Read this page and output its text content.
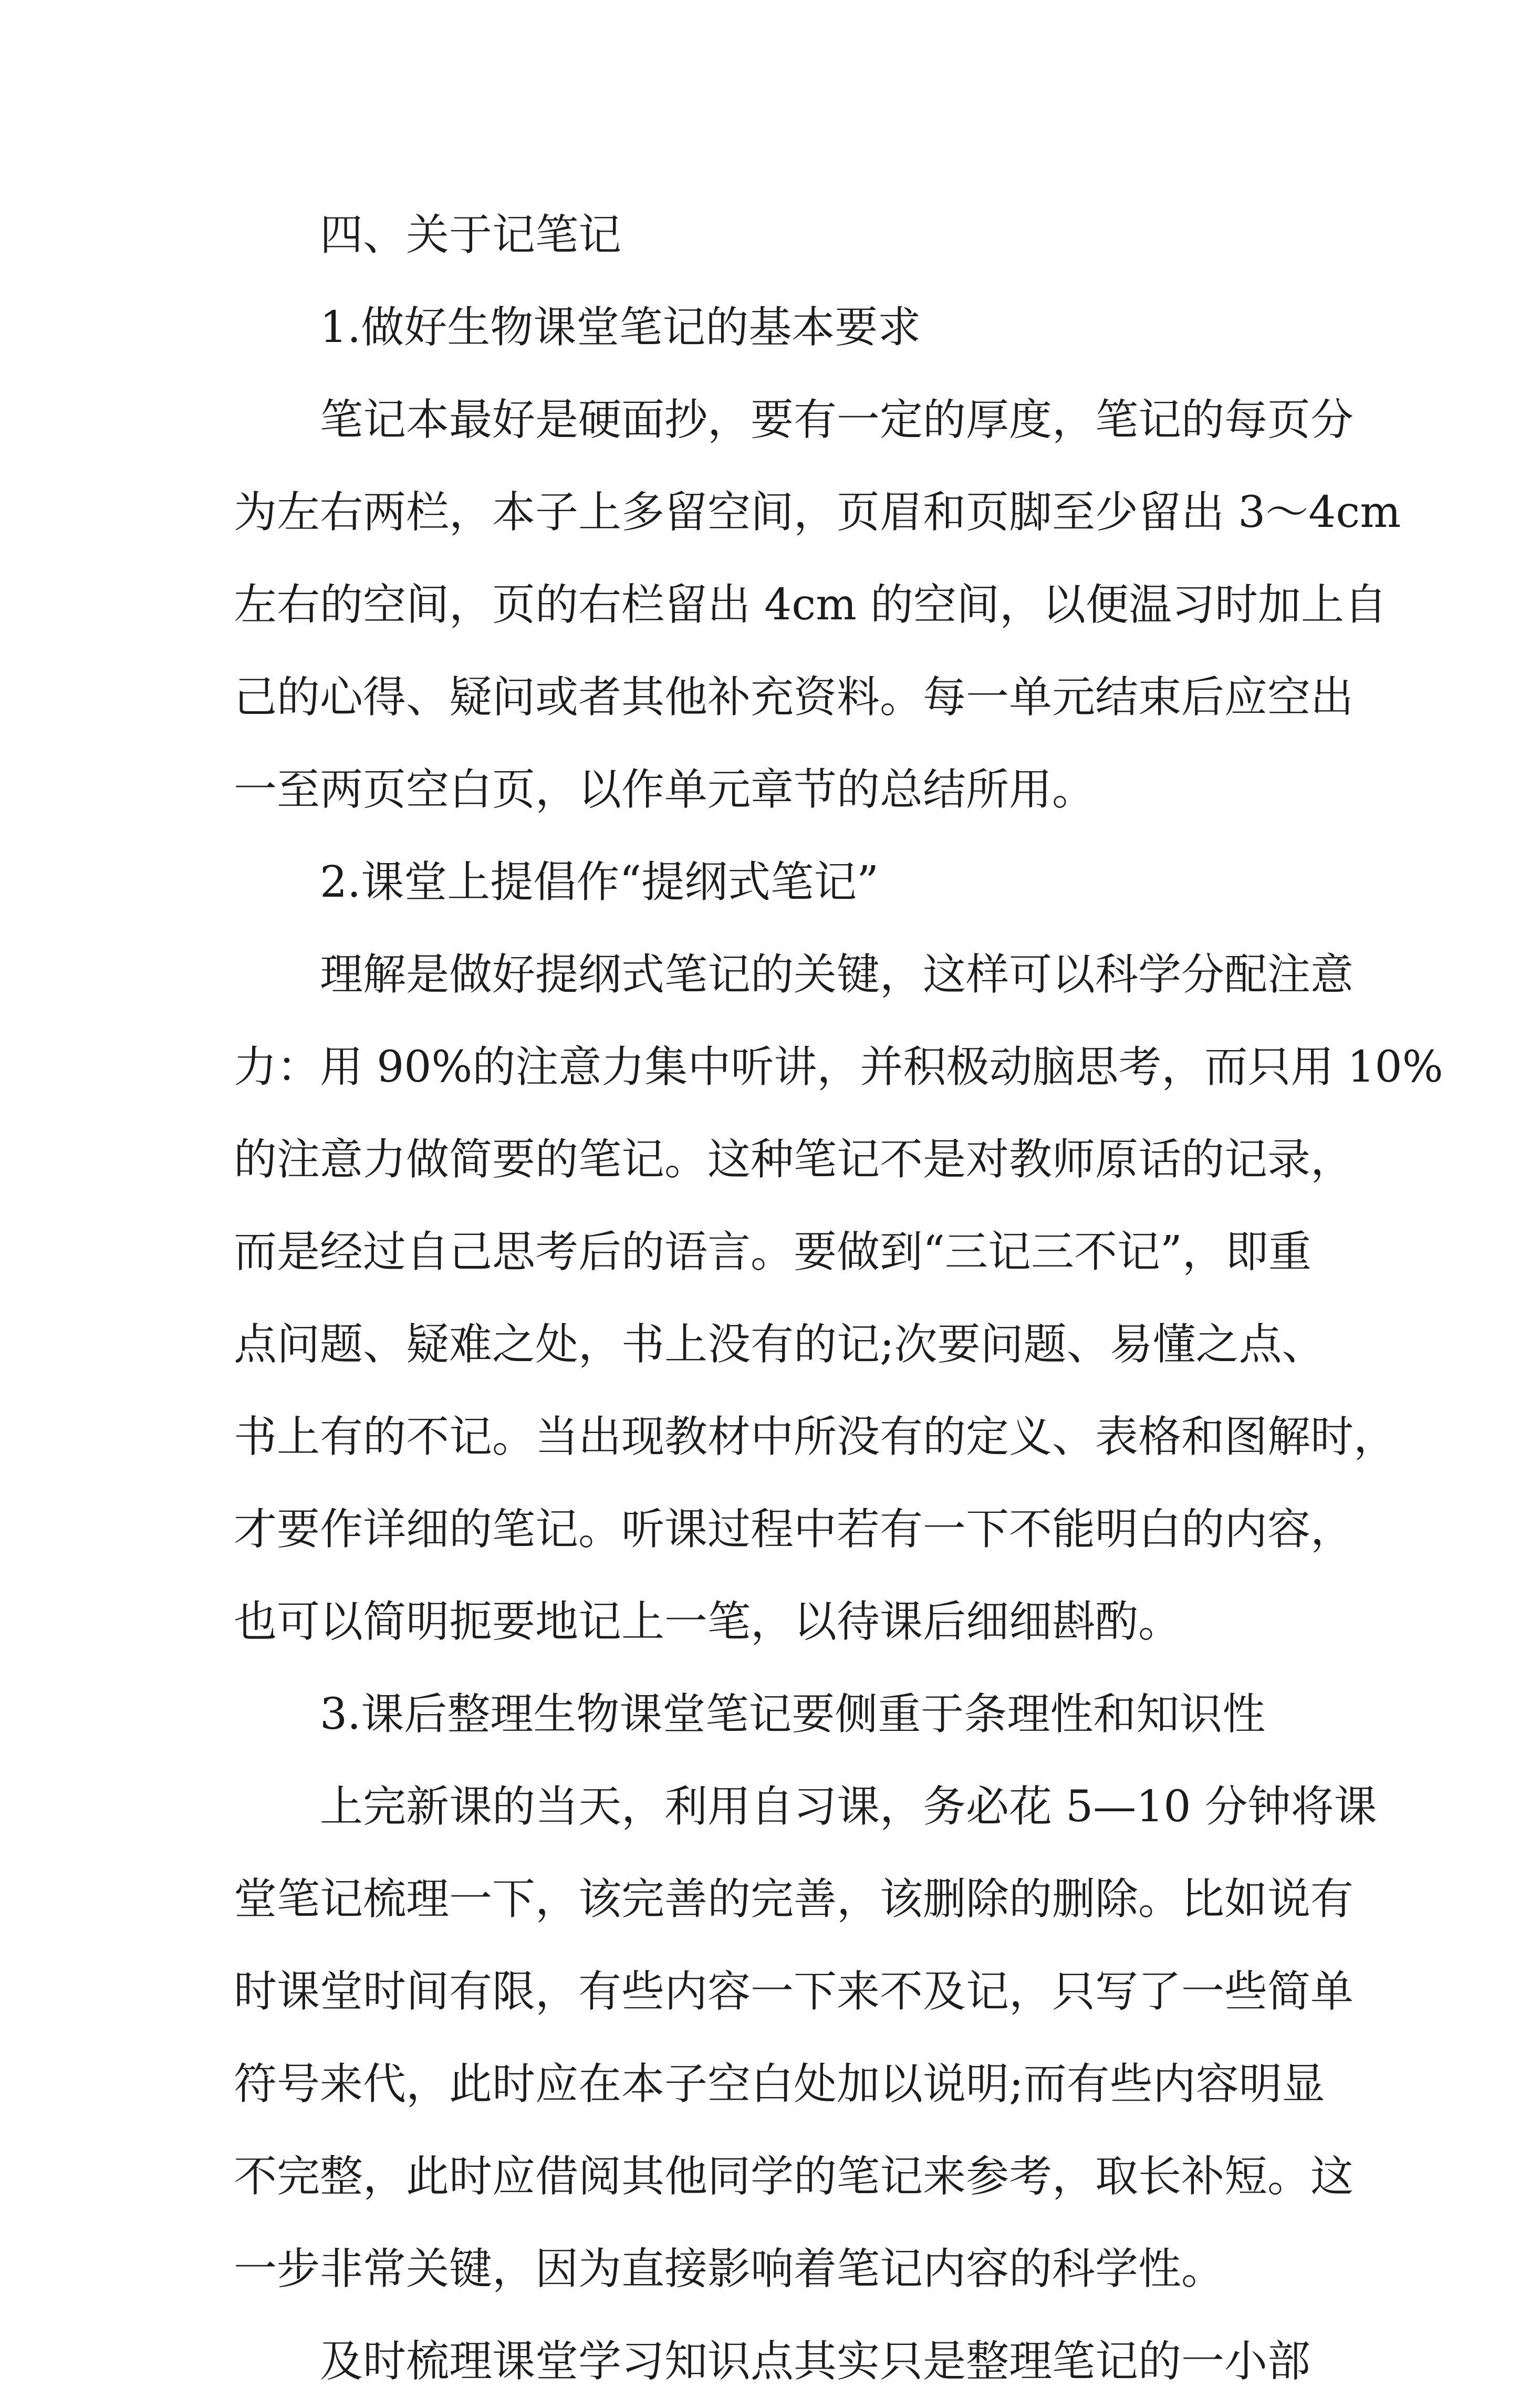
四、关于记笔记
1.做好生物课堂笔记的基本要求
笔记本最好是硬面抄，要有一定的厚度，笔记的每页分
为左右两栏，本子上多留空间，页眉和页脚至少留出 3～4cm
左右的空间，页的右栏留出 4cm 的空间，以便温习时加上自
己的心得、疑问或者其他补充资料。每一单元结束后应空出
一至两页空白页，以作单元章节的总结所用。
2.课堂上提倡作“提纲式笔记”
理解是做好提纲式笔记的关键，这样可以科学分配注意
力：用 90%的注意力集中听讲，并积极动脑思考，而只用 10%
的注意力做简要的笔记。这种笔记不是对教师原话的记录，
而是经过自己思考后的语言。要做到“三记三不记”，即重
点问题、疑难之处，书上没有的记;次要问题、易懂之点、
书上有的不记。当出现教材中所没有的定义、表格和图解时，
才要作详细的笔记。听课过程中若有一下不能明白的内容，
也可以简明扼要地记上一笔，以待课后细细斟酌。
3.课后整理生物课堂笔记要侧重于条理性和知识性
上完新课的当天，利用自习课，务必花 5—10 分钟将课
堂笔记梳理一下，该完善的完善，该删除的删除。比如说有
时课堂时间有限，有些内容一下来不及记，只写了一些简单
符号来代，此时应在本子空白处加以说明;而有些内容明显
不完整，此时应借阅其他同学的笔记来参考，取长补短。这
一步非常关键，因为直接影响着笔记内容的科学性。
及时梳理课堂学习知识点其实只是整理笔记的一小部
